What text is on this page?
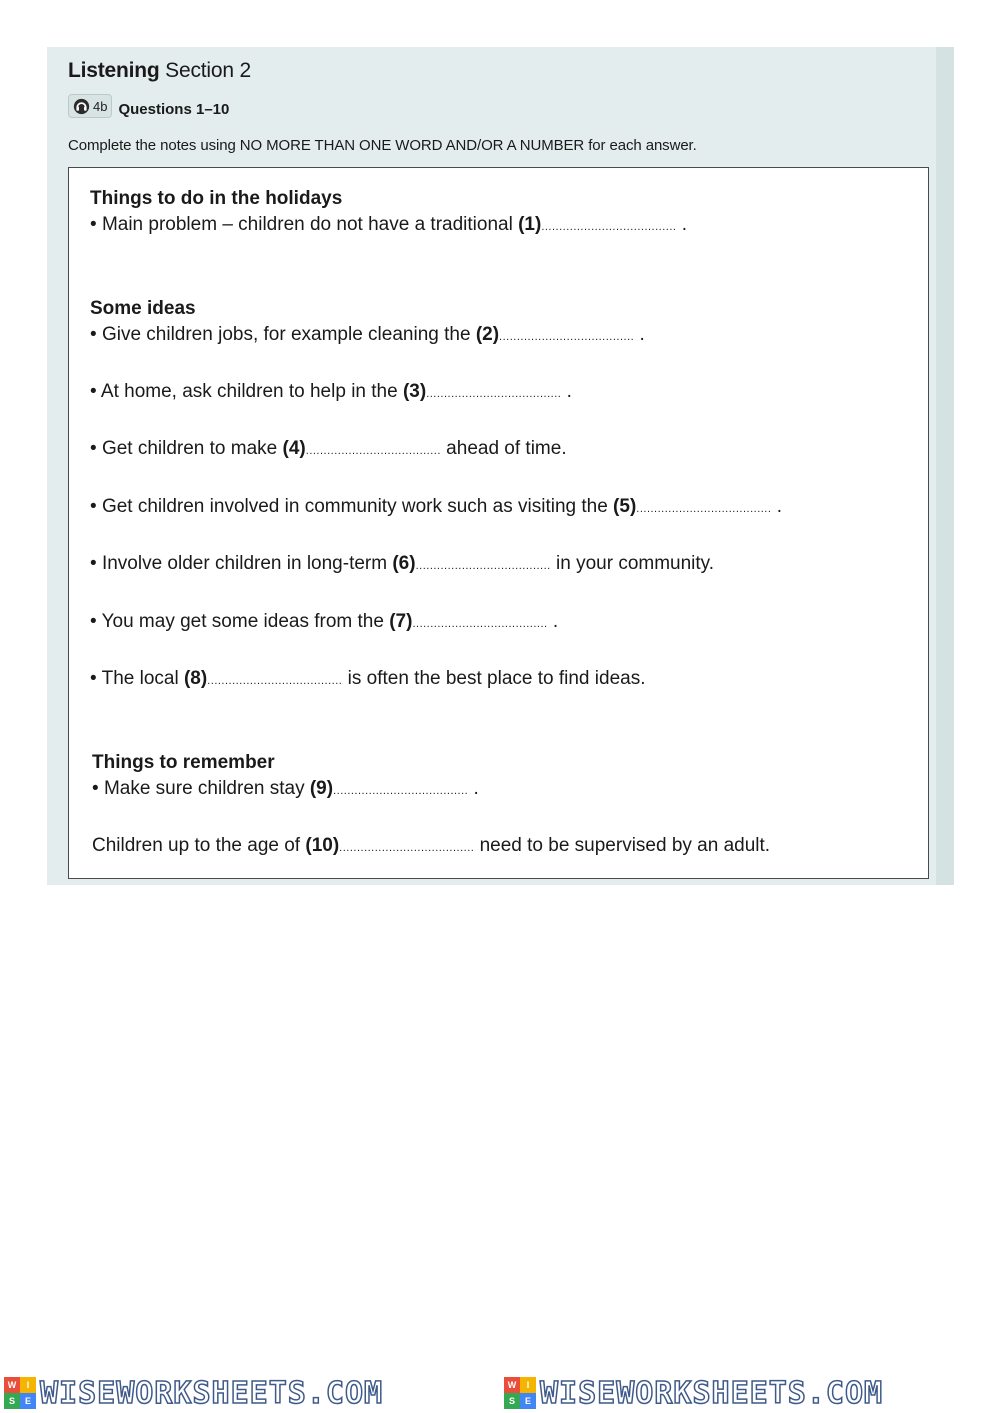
Listening Section 2
4b Questions 1–10
Complete the notes using NO MORE THAN ONE WORD AND/OR A NUMBER for each answer.
Things to do in the holidays
• Main problem – children do not have a traditional (1)...................................... .
Some ideas
• Give children jobs, for example cleaning the (2)...................................... .
• At home, ask children to help in the (3)...................................... .
• Get children to make (4)...................................... ahead of time.
• Get children involved in community work such as visiting the (5)...................................... .
• Involve older children in long-term (6)...................................... in your community.
• You may get some ideas from the (7)...................................... .
• The local (8)...................................... is often the best place to find ideas.
Things to remember
• Make sure children stay (9)...................................... .
Children up to the age of (10)...................................... need to be supervised by an adult.
W	I
S	E WISEWORKSHEETS.COM	W	I
S	E WISEWORKSHEETS.COM
